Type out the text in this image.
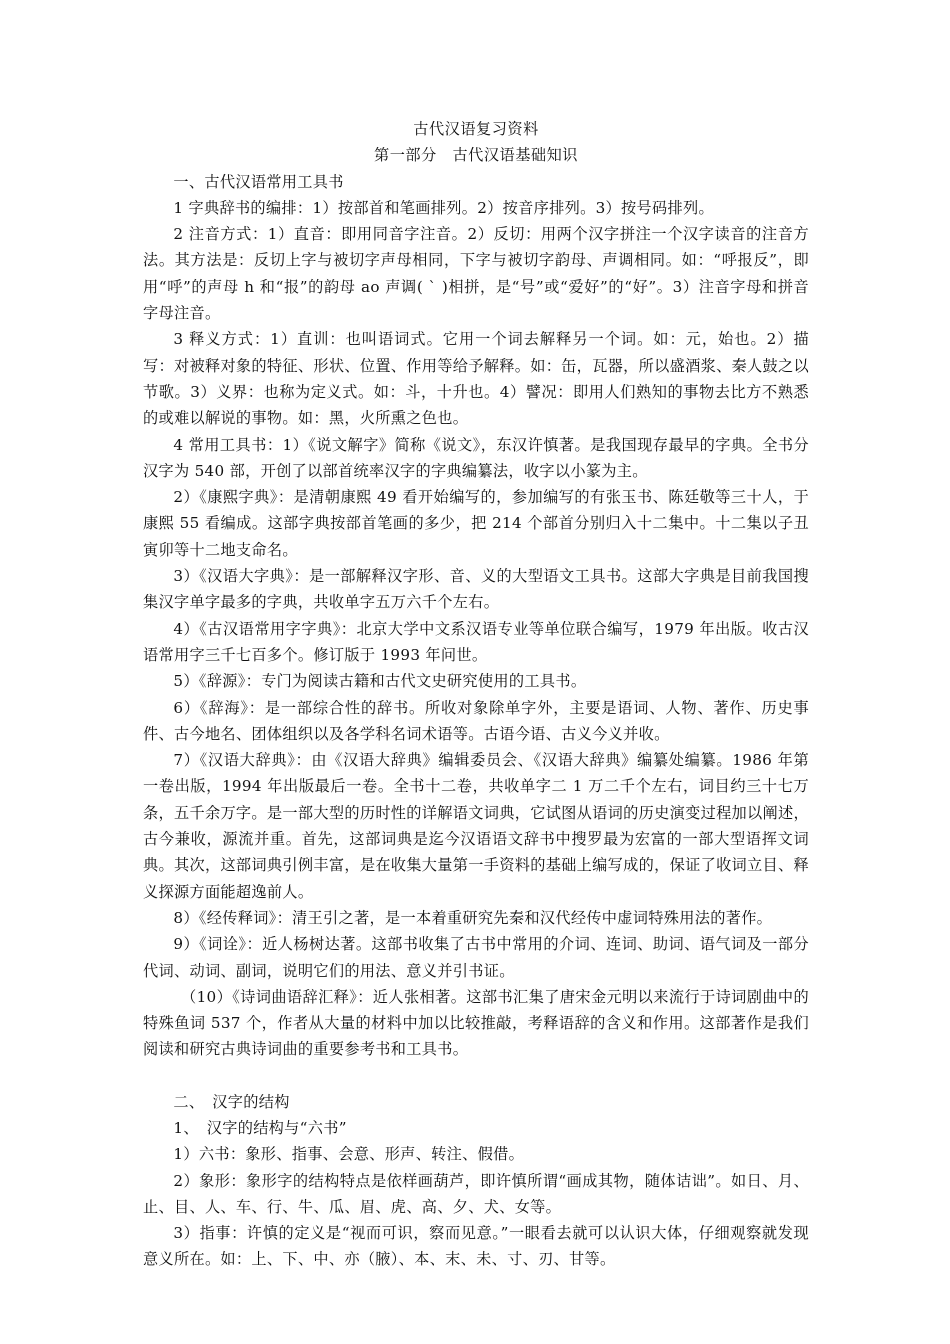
古代汉语复习资料
第一部分　古代汉语基础知识

一、古代汉语常用工具书

1 字典辞书的编排：1）按部首和笔画排列。2）按音序排列。3）按号码排列。

2 注音方式：1）直音：即用同音字注音。2）反切：用两个汉字拼注一个汉字读音的注音方法。其方法是：反切上字与被切字声母相同，下字与被切字韵母、声调相同。如：“呼报反”，即用“呼”的声母 h 和“报”的韵母 ao 声调( ` )相拼，是“号”或“爱好”的“好”。3）注音字母和拼音字母注音。

3 释义方式：1）直训：也叫语词式。它用一个词去解释另一个词。如：元，始也。2）描写：对被释对象的特征、形状、位置、作用等给予解释。如：缶，瓦器，所以盛酒浆、秦人鼓之以节歌。3）义界：也称为定义式。如：斗，十升也。4）譬况：即用人们熟知的事物去比方不熟悉的或难以解说的事物。如：黑，火所熏之色也。

4 常用工具书：1）《说文解字》简称《说文》，东汉许慎著。是我国现存最早的字典。全书分汉字为 540 部，开创了以部首统率汉字的字典编纂法，收字以小篆为主。

2）《康熙字典》：是清朝康熙 49 看开始编写的，参加编写的有张玉书、陈廷敬等三十人，于康熙 55 看编成。这部字典按部首笔画的多少，把 214 个部首分别归入十二集中。十二集以子丑寅卯等十二地支命名。

3）《汉语大字典》：是一部解释汉字形、音、义的大型语文工具书。这部大字典是目前我国搜集汉字单字最多的字典，共收单字五万六千个左右。

4）《古汉语常用字字典》：北京大学中文系汉语专业等单位联合编写，1979 年出版。收古汉语常用字三千七百多个。修订版于 1993 年问世。

5）《辞源》：专门为阅读古籍和古代文史研究使用的工具书。

6）《辞海》：是一部综合性的辞书。所收对象除单字外，主要是语词、人物、著作、历史事件、古今地名、团体组织以及各学科名词术语等。古语今语、古义今义并收。

7）《汉语大辞典》：由《汉语大辞典》编辑委员会、《汉语大辞典》编纂处编纂。1986 年第一卷出版，1994 年出版最后一卷。全书十二卷，共收单字二 1 万二千个左右，词目约三十七万条，五千余万字。是一部大型的历时性的详解语文词典，它试图从语词的历史演变过程加以阐述，古今兼收，源流并重。首先，这部词典是迄今汉语语文辞书中搜罗最为宏富的一部大型语挥文词典。其次，这部词典引例丰富，是在收集大量第一手资料的基础上编写成的，保证了收词立目、释义探源方面能超逸前人。

8）《经传释词》：清王引之著，是一本着重研究先秦和汉代经传中虚词特殊用法的著作。

9）《词诠》：近人杨树达著。这部书收集了古书中常用的介词、连词、助词、语气词及一部分代词、动词、副词，说明它们的用法、意义并引书证。

（10）《诗词曲语辞汇释》：近人张相著。这部书汇集了唐宋金元明以来流行于诗词剧曲中的特殊鱼词 537 个，作者从大量的材料中加以比较推敲，考释语辞的含义和作用。这部著作是我们阅读和研究古典诗词曲的重要参考书和工具书。

二、　汉字的结构

1、　汉字的结构与“六书”

1）六书：象形、指事、会意、形声、转注、假借。

2）象形：象形字的结构特点是依样画葫芦，即许慎所谓“画成其物，随体诘诎”。如日、月、止、目、人、车、行、牛、瓜、眉、虎、高、夕、犬、女等。

3）指事：许慎的定义是“视而可识，察而见意。”一眼看去就可以认识大体，仔细观察就发现意义所在。如：上、下、中、亦（腋）、本、末、未、寸、刃、甘等。
